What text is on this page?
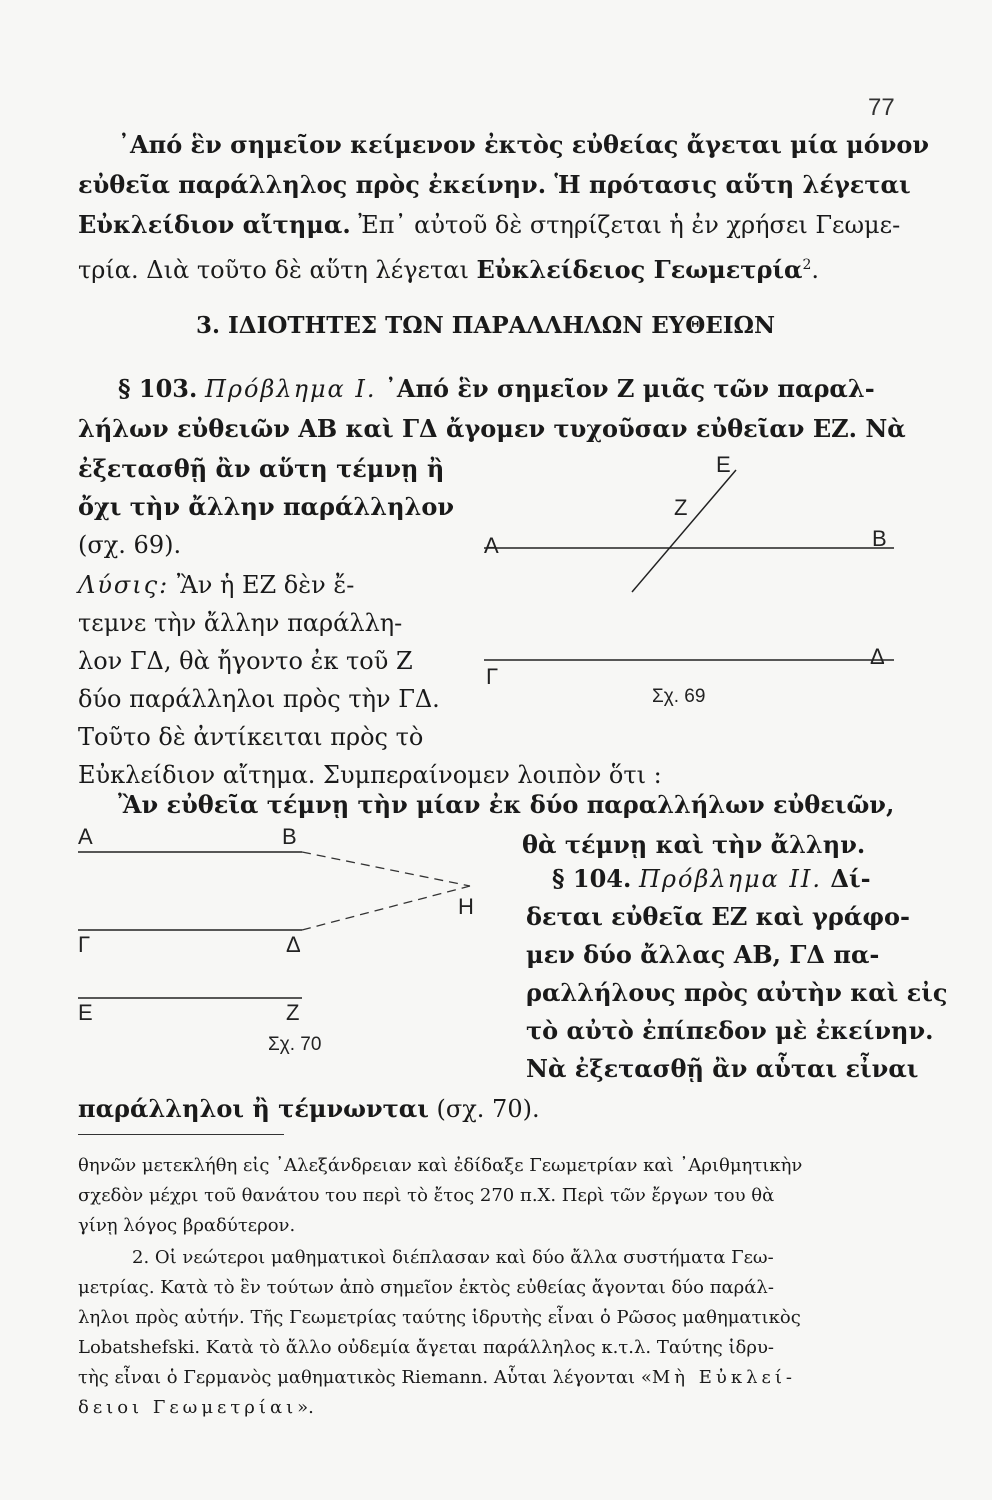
77
᾿Από ἓν σημεῖον κείμενον ἐκτὸς εὐθείας ἄγεται μία μόνον
εὐθεῖα παράλληλος πρὸς ἐκείνην. Ἡ πρότασις αὕτη λέγεται
Εὐκλείδιον αἴτημα. Ἐπ᾿ αὐτοῦ δὲ στηρίζεται ἡ ἐν χρήσει Γεωμε-
τρία. Διὰ τοῦτο δὲ αὕτη λέγεται Εὐκλείδειος Γεωμετρία$^2$.
3. ΙΔΙΟΤΗΤΕΣ ΤΩΝ ΠΑΡΑΛΛΗΛΩΝ ΕΥΘΕΙΩΝ
§ 103. Πρόβλημα Ι. ᾿Από ἓν σημεῖον Ζ μιᾶς τῶν παραλ-
λήλων εὐθειῶν ΑΒ καὶ ΓΔ ἄγομεν τυχοῦσαν εὐθεῖαν ΕΖ. Νὰ
ἐξετασθῇ ἂν αὕτη τέμνῃ ἢ
ὄχι τὴν ἄλλην παράλληλον
(σχ. 69).
Λύσις: Ἂν ἡ ΕΖ δὲν ἔ-
τεμνε τὴν ἄλλην παράλλη-
λον ΓΔ, θὰ ἤγοντο ἐκ τοῦ Ζ
δύο παράλληλοι πρὸς τὴν ΓΔ.
Τοῦτο δὲ ἀντίκειται πρὸς τὸ
Εὐκλείδιον αἴτημα. Συμπεραίνομεν λοιπὸν ὅτι :
Ἂν εὐθεῖα τέμνῃ τὴν μίαν ἐκ δύο παραλλήλων εὐθειῶν,
θὰ τέμνῃ καὶ τὴν ἄλλην.
Ε
Ζ
Α	Β
Γ
Δ
Σχ. 69
Α	Β
Η
Γ	Δ
Ε	Ζ
Σχ. 70
§ 104. Πρόβλημα ΙΙ. Δί-
δεται εὐθεῖα ΕΖ καὶ γράφο-
μεν δύο ἄλλας ΑΒ, ΓΔ πα-
ραλλήλους πρὸς αὐτὴν καὶ εἰς
τὸ αὐτὸ ἐπίπεδον μὲ ἐκείνην.
Νὰ ἐξετασθῇ ἂν αὗται εἶναι
παράλληλοι ἢ τέμνωνται (σχ. 70).
θηνῶν μετεκλήθη εἰς ᾿Αλεξάνδρειαν καὶ ἐδίδαξε Γεωμετρίαν καὶ ᾿Αριθμητικὴν
σχεδὸν μέχρι τοῦ θανάτου του περὶ τὸ ἔτος 270 π.Χ. Περὶ τῶν ἔργων του θὰ
γίνῃ λόγος βραδύτερον.
2. Οἱ νεώτεροι μαθηματικοὶ διέπλασαν καὶ δύο ἄλλα συστήματα Γεω-
μετρίας. Κατὰ τὸ ἓν τούτων ἀπὸ σημεῖον ἐκτὸς εὐθείας ἄγονται δύο παράλ-
ληλοι πρὸς αὐτήν. Τῆς Γεωμετρίας ταύτης ἱδρυτὴς εἶναι ὁ Ρῶσος μαθηματικὸς
Lobatshefski. Κατὰ τὸ ἄλλο οὐδεμία ἄγεται παράλληλος κ.τ.λ. Ταύτης ἱδρυ-
τὴς εἶναι ὁ Γερμανὸς μαθηματικὸς Riemann. Αὗται λέγονται «Μὴ Εὐκλεί-
δειοι Γεωμετρίαι».
